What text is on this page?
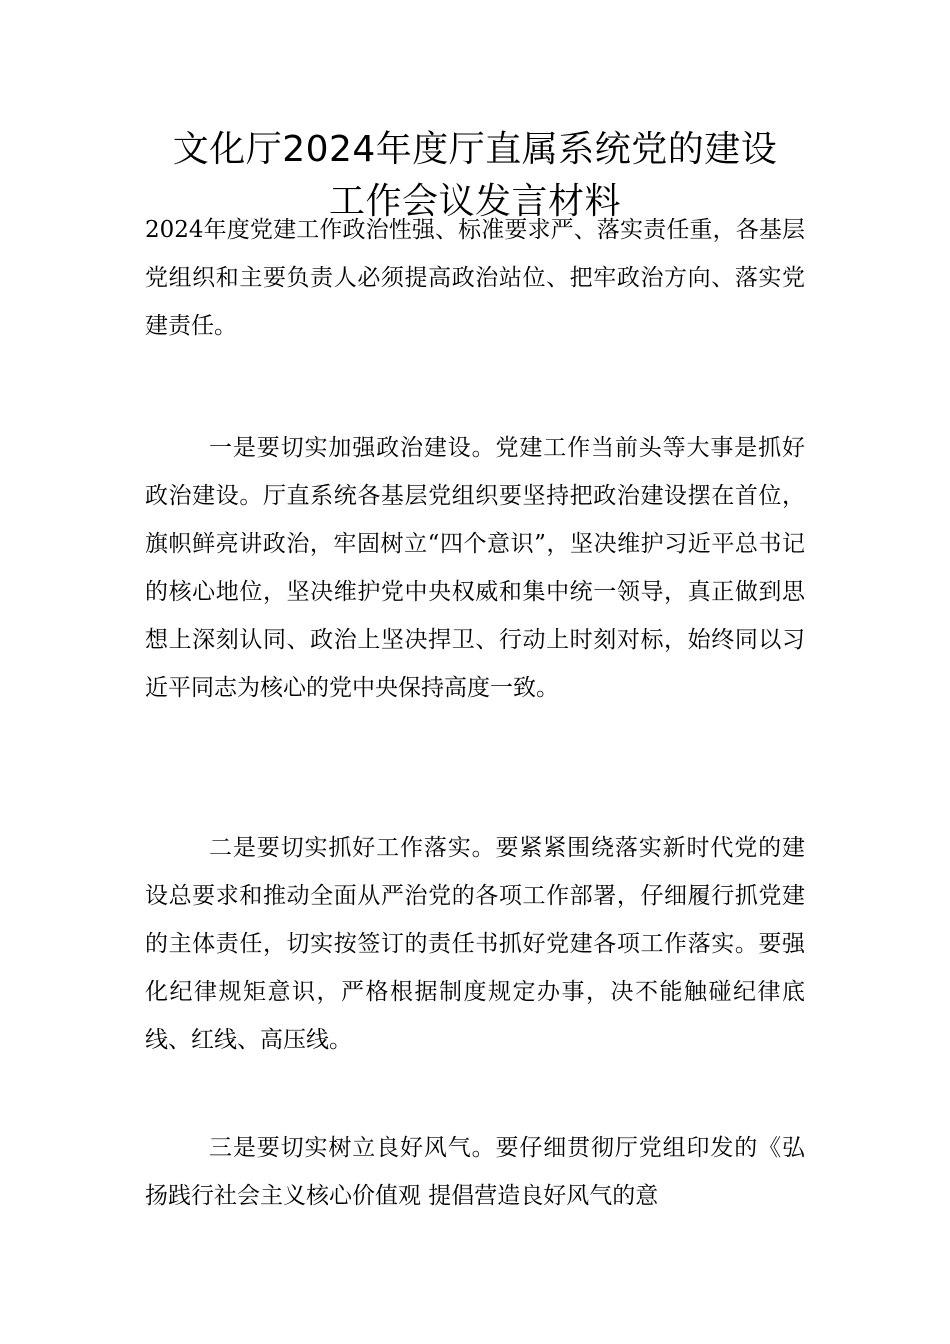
文化厅2024年度厅直属系统党的建设
工作会议发言材料

2024年度党建工作政治性强、标准要求严、落实责任重，各基层党组织和主要负责人必须提高政治站位、把牢政治方向、落实党建责任。

一是要切实加强政治建设。党建工作当前头等大事是抓好政治建设。厅直系统各基层党组织要坚持把政治建设摆在首位，旗帜鲜亮讲政治，牢固树立“四个意识”，坚决维护习近平总书记的核心地位，坚决维护党中央权威和集中统一领导，真正做到思想上深刻认同、政治上坚决捍卫、行动上时刻对标，始终同以习近平同志为核心的党中央保持高度一致。

二是要切实抓好工作落实。要紧紧围绕落实新时代党的建设总要求和推动全面从严治党的各项工作部署，仔细履行抓党建的主体责任，切实按签订的责任书抓好党建各项工作落实。要强化纪律规矩意识，严格根据制度规定办事，决不能触碰纪律底线、红线、高压线。

三是要切实树立良好风气。要仔细贯彻厅党组印发的《弘扬践行社会主义核心价值观 提倡营造良好风气的意
